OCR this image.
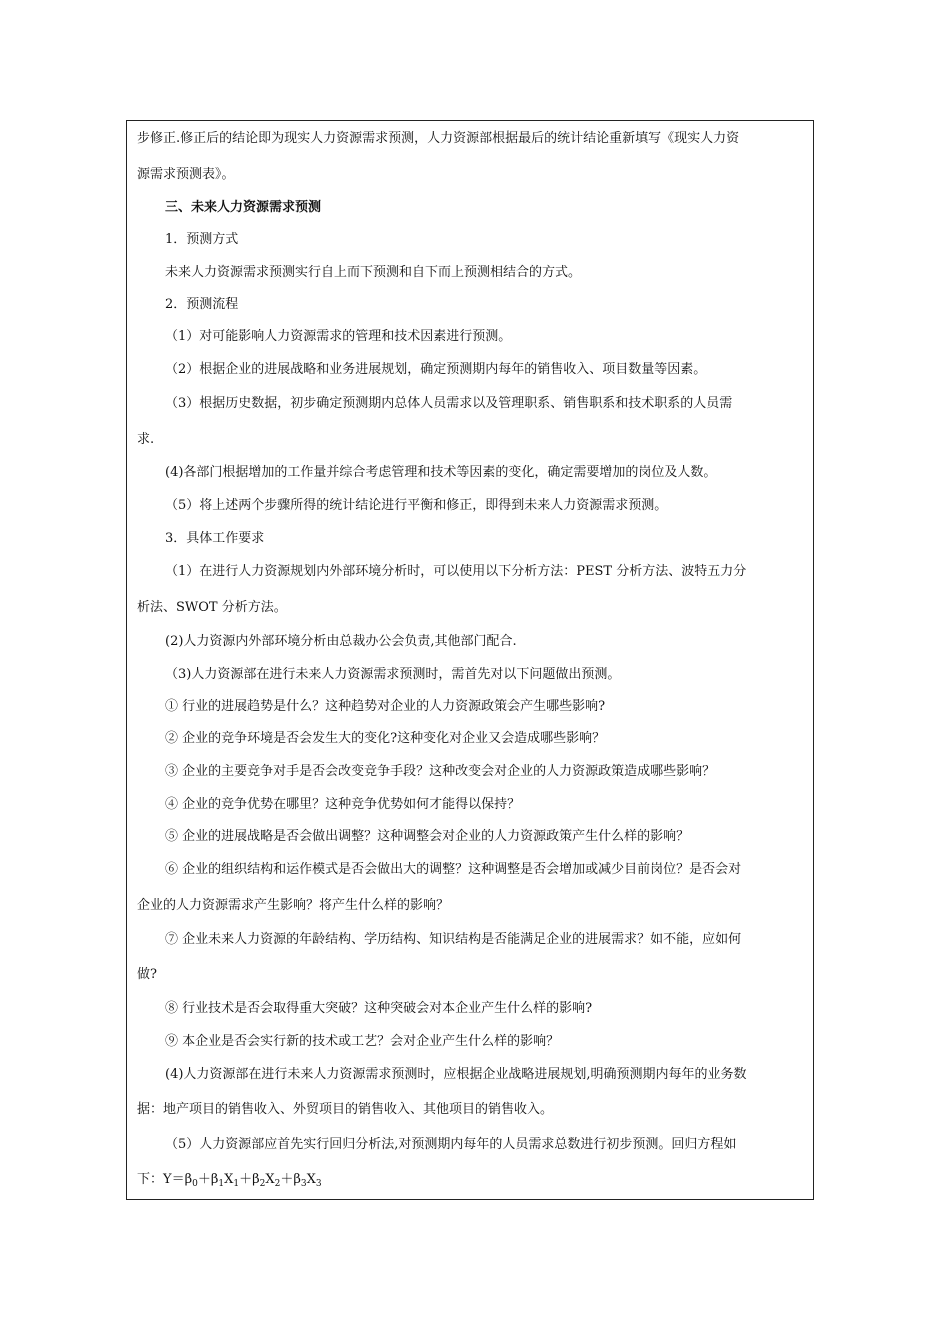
步修正.修正后的结论即为现实人力资源需求预测，人力资源部根据最后的统计结论重新填写《现实人力资
源需求预测表》。
三、未来人力资源需求预测
1．预测方式
未来人力资源需求预测实行自上而下预测和自下而上预测相结合的方式。
2．预测流程
（1）对可能影响人力资源需求的管理和技术因素进行预测。
（2）根据企业的进展战略和业务进展规划，确定预测期内每年的销售收入、项目数量等因素。
（3）根据历史数据，初步确定预测期内总体人员需求以及管理职系、销售职系和技术职系的人员需
求.
(4)各部门根据增加的工作量并综合考虑管理和技术等因素的变化，确定需要增加的岗位及人数。
（5）将上述两个步骤所得的统计结论进行平衡和修正，即得到未来人力资源需求预测。
3．具体工作要求
（1）在进行人力资源规划内外部环境分析时，可以使用以下分析方法：PEST 分析方法、波特五力分
析法、SWOT 分析方法。
(2)人力资源内外部环境分析由总裁办公会负责,其他部门配合.
（3)人力资源部在进行未来人力资源需求预测时，需首先对以下问题做出预测。
① 行业的进展趋势是什么？这种趋势对企业的人力资源政策会产生哪些影响?
② 企业的竞争环境是否会发生大的变化?这种变化对企业又会造成哪些影响？
③ 企业的主要竞争对手是否会改变竞争手段？这种改变会对企业的人力资源政策造成哪些影响？
④ 企业的竞争优势在哪里？这种竞争优势如何才能得以保持？
⑤ 企业的进展战略是否会做出调整？这种调整会对企业的人力资源政策产生什么样的影响？
⑥ 企业的组织结构和运作模式是否会做出大的调整？这种调整是否会增加或减少目前岗位？是否会对
企业的人力资源需求产生影响？将产生什么样的影响？
⑦ 企业未来人力资源的年龄结构、学历结构、知识结构是否能满足企业的进展需求？如不能，应如何
做?
⑧ 行业技术是否会取得重大突破？这种突破会对本企业产生什么样的影响?
⑨ 本企业是否会实行新的技术或工艺？会对企业产生什么样的影响？
(4)人力资源部在进行未来人力资源需求预测时，应根据企业战略进展规划,明确预测期内每年的业务数
据：地产项目的销售收入、外贸项目的销售收入、其他项目的销售收入。
（5）人力资源部应首先实行回归分析法,对预测期内每年的人员需求总数进行初步预测。回归方程如
下：$Y=\beta_0+\beta_1X_1+\beta_2X_2+\beta_3X_3$
